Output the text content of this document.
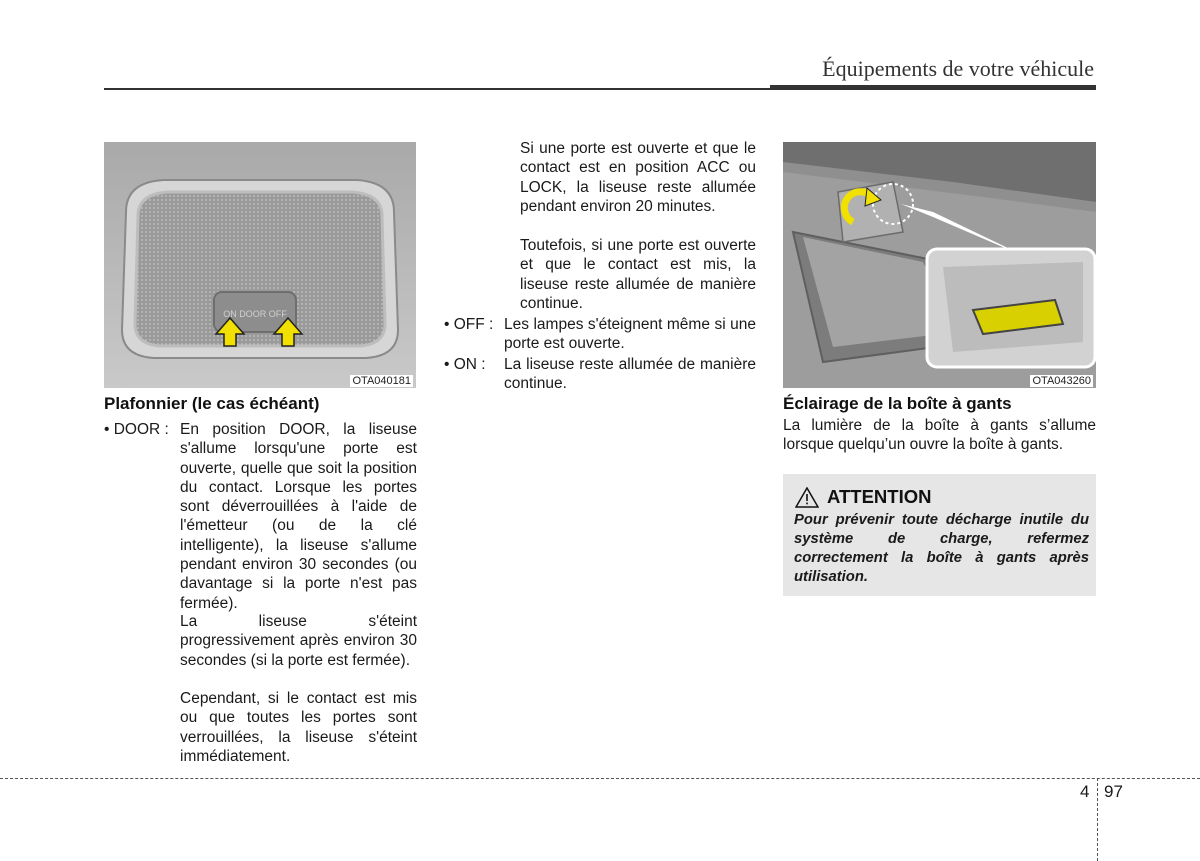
Équipements de votre véhicule
ON DOOR OFF
OTA040181	OTA043260
Plafonnier (le cas échéant)
• DOOR : En position DOOR, la liseuse s'allume lorsqu'une porte est ouverte, quelle que soit la position du contact. Lorsque les portes sont déverrouillées à l'aide de l'émetteur (ou de la clé intelligente), la liseuse s'allume pendant environ 30 secondes (ou davantage si la porte n'est pas fermée).
La liseuse s'éteint progressivement après environ 30 secondes (si la porte est fermée).
Cependant, si le contact est mis ou que toutes les portes sont verrouillées, la liseuse s'éteint immédiatement.
Si une porte est ouverte et que le contact est en position ACC ou LOCK, la liseuse reste allumée pendant environ 20 minutes.
Toutefois, si une porte est ouverte et que le contact est mis, la liseuse reste allumée de manière continue.
• OFF : Les lampes s'éteignent même si une porte est ouverte.
• ON : La liseuse reste allumée de manière continue.
Éclairage de la boîte à gants
La lumière de la boîte à gants s’allume lorsque quelqu’un ouvre la boîte à gants.
ATTENTION
Pour prévenir toute décharge inutile du système de charge, refermez correctement la boîte à gants après utilisation.
4 97
